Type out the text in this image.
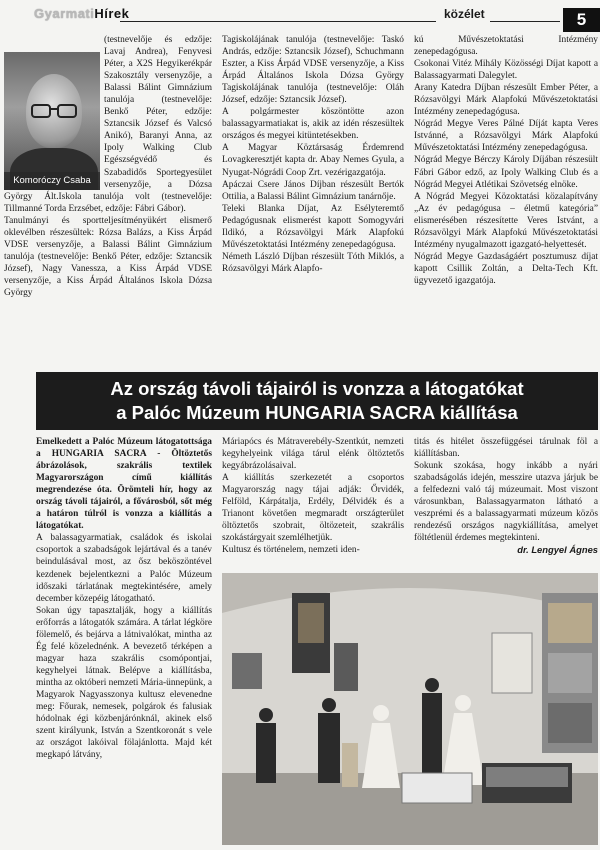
GyarmatiHírek	közélet	5
Komoróczy Csaba

(testnevelője és edzője: Lavaj Andrea), Fenyvesi Péter, a X2S Hegyikerékpár Szakosztály versenyzője, a Balassi Bálint Gimnázium tanulója (testnevelője: Benkő Péter, edzője: Sztancsik József és Valcsó Anikó), Baranyi Anna, az Ipoly Walking Club Egészségvédő és Szabadidős Sportegyesület versenyzője, a Dózsa György Ált.Iskola tanulója volt (testnevelője: Tillmanné Torda Erzsébet, edzője: Fábri Gábor).

Tanulmányi és sportteljesítményükért elismerő oklevélben részesültek: Rózsa Balázs, a Kiss Árpád VDSE versenyzője, a Balassi Bálint Gimnázium tanulója (testnevelője: Benkő Péter, edzője: Sztancsik József), Nagy Vanessza, a Kiss Árpád VDSE versenyzője, a Kiss Árpád Általános Iskola Dózsa György

Tagiskolájának tanulója (testnevelője: Taskó András, edzője: Sztancsik József), Schuchmann Eszter, a Kiss Árpád VDSE versenyzője, a Kiss Árpád Általános Iskola Dózsa György Tagiskolájának tanulója (testnevelője: Oláh József, edzője: Sztancsik József).

A polgármester köszöntötte azon balassagyarmatiakat is, akik az idén részesültek országos és megyei kitüntetésekben.

A Magyar Köztársaság Érdemrend Lovagkeresztjét kapta dr. Abay Nemes Gyula, a Nyugat-Nógrádi Coop Zrt. vezérigazgatója.

Apáczai Csere János Díjban részesült Bertók Ottilia, a Balassi Bálint Gimnázium tanárnője.

Teleki Blanka Díjat, Az Esélyteremtő Pedagógusnak elismerést kapott Somogyvári Ildikó, a Rózsavölgyi Márk Alapfokú Művészetoktatási Intézmény zenepedagógusa.

Németh László Díjban részesült Tóth Miklós, a Rózsavölgyi Márk Alapfo-

kú Művészetoktatási Intézmény zenepedagógusa.

Csokonai Vitéz Mihály Közösségi Díjat kapott a Balassagyarmati Dalegylet.

Arany Katedra Díjban részesült Ember Péter, a Rózsavölgyi Márk Alapfokú Művészetoktatási Intézmény zenepedagógusa.

Nógrád Megye Veres Pálné Díját kapta Veres Istvánné, a Rózsavölgyi Márk Alapfokú Művészetoktatási Intézmény zenepedagógusa.

Nógrád Megye Bérczy Károly Díjában részesült Fábri Gábor edző, az Ipoly Walking Club és a Nógrád Megyei Atlétikai Szövetség elnöke.

A Nógrád Megyei Közoktatási közalapítvány „Az év pedagógusa – életmű kategória” elismerésében részesítette Veres Istvánt, a Rózsavölgyi Márk Alapfokú Művészetoktatási Intézmény nyugalmazott igazgató-helyettesét.

Nógrád Megye Gazdaságáért posztumusz díjat kapott Csillik Zoltán, a Delta-Tech Kft. ügyvezető igazgatója.

Az ország távoli tájairól is vonzza a látogatókat
a Palóc Múzeum HUNGARIA SACRA kiállítása

Emelkedett a Palóc Múzeum látogatottsága a HUNGARIA SACRA - Öltöztetős ábrázolások, szakrális textilek Magyarországon című kiállítás megrendezése óta. Örömteli hír, hogy az ország távoli tájairól, a fővárosból, sőt még a határon túlról is vonzza a kiállítás a látogatókat.

A balassagyarmatiak, családok és iskolai csoportok a szabadságok lejártával és a tanév beindulásával most, az ősz beköszöntével kezdenek bejelentkezni a Palóc Múzeum időszaki tárlatának megtekintésére, amely december közepéig látogatható.

Sokan úgy tapasztalják, hogy a kiállítás erőforrás a látogatók számára. A tárlat légköre fölemelő, és bejárva a látnivalókat, mintha az Ég felé közelednénk. A bevezető térképen a magyar haza szakrális csomópontjai, kegyhelyei látnak. Belépve a kiállításba, mintha az októberi nemzeti Mária-ünnepünk, a Magyarok Nagyasszonya kultusz elevenedne meg: Főurak, nemesek, polgárok és falusiak hódolnak égi közbenjárónknál, akinek első szent királyunk, István a Szentkoronát s vele az országot lakóival fölajánlotta. Majd két megkapó látvány,

Máriapócs és Mátraverebély-Szentkút, nemzeti kegyhelyeink világa tárul elénk öltöztetős kegyábrázolásaival.

A kiállítás szerkezetét a csoportos Magyarország nagy tájai adják: Őrvidék, Felföld, Kárpátalja, Erdély, Délvidék és a Trianont követően megmaradt országterület öltöztetős szobrait, öltözeteit, szakrális szokástárgyait szemlélhetjük.

Kultusz és történelem, nemzeti iden-

titás és hitélet összefüggései tárulnak föl a kiállításban.

Sokunk szokása, hogy inkább a nyári szabadságolás idején, messzire utazva járjuk be a felfedezni való táj múzeumait. Most viszont városunkban, Balassagyarmaton látható a veszprémi és a balassagyarmati múzeum közös rendezésű országos nagykiállítása, amelyet föltétlenül érdemes megtekinteni.

dr. Lengyel Ágnes
